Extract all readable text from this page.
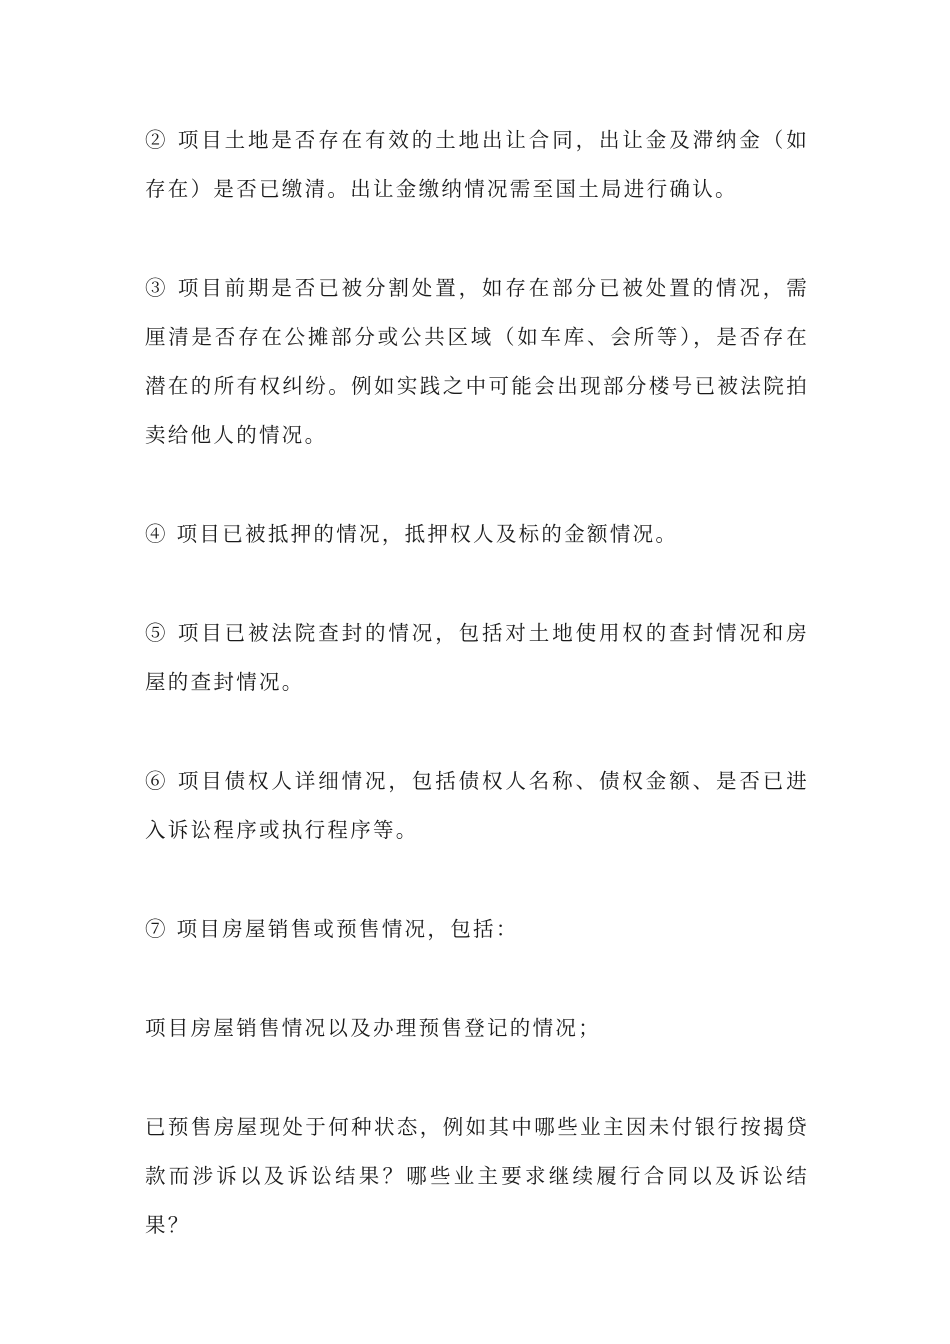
② 项目土地是否存在有效的土地出让合同，出让金及滞纳金（如存在）是否已缴清。出让金缴纳情况需至国土局进行确认。

③ 项目前期是否已被分割处置，如存在部分已被处置的情况，需厘清是否存在公摊部分或公共区域（如车库、会所等），是否存在潜在的所有权纠纷。例如实践之中可能会出现部分楼号已被法院拍卖给他人的情况。

④ 项目已被抵押的情况，抵押权人及标的金额情况。

⑤ 项目已被法院查封的情况，包括对土地使用权的查封情况和房屋的查封情况。

⑥ 项目债权人详细情况，包括债权人名称、债权金额、是否已进入诉讼程序或执行程序等。

⑦ 项目房屋销售或预售情况，包括：

项目房屋销售情况以及办理预售登记的情况；

已预售房屋现处于何种状态，例如其中哪些业主因未付银行按揭贷款而涉诉以及诉讼结果？哪些业主要求继续履行合同以及诉讼结果？
